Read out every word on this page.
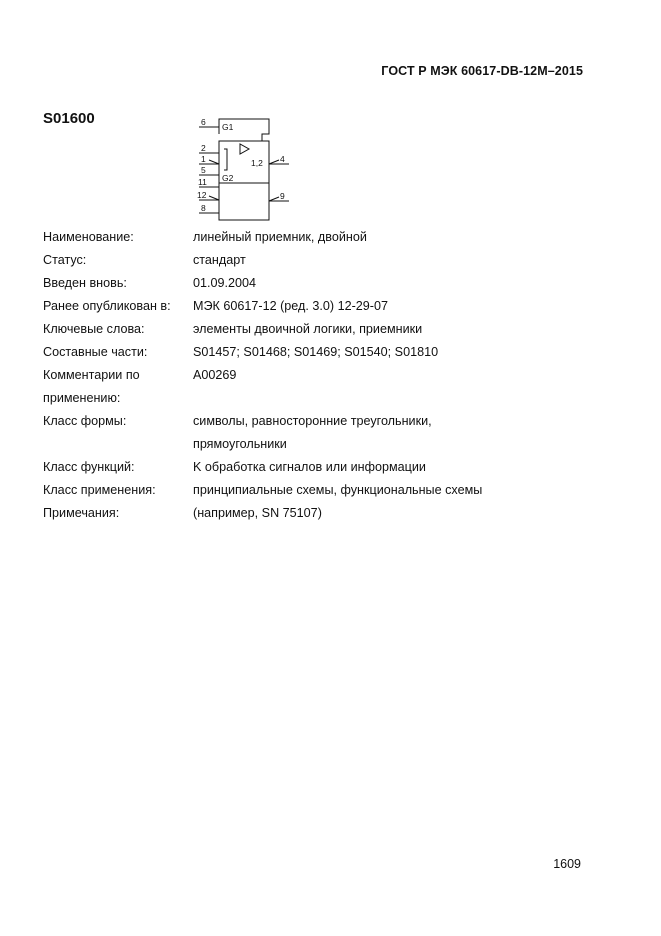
ГОСТ Р МЭК 60617-DB-12M–2015
S01600	6
2
1
5
11
12
8
4
9
G1
G2
1,2
Наименование:	линейный приемник, двойной
Статус:	стандарт
Введен вновь:	01.09.2004
Ранее опубликован в:	МЭК 60617-12 (ред. 3.0) 12-29-07
Ключевые слова:	элементы двоичной логики, приемники
Составные части:	S01457; S01468; S01469; S01540; S01810
Комментарии по	A00269
применению:
Класс формы:	символы, равносторонние треугольники,
прямоугольники
Класс функций:	K обработка сигналов или информации
Класс применения:	принципиальные схемы, функциональные схемы
Примечания:	(например, SN 75107)
1609
